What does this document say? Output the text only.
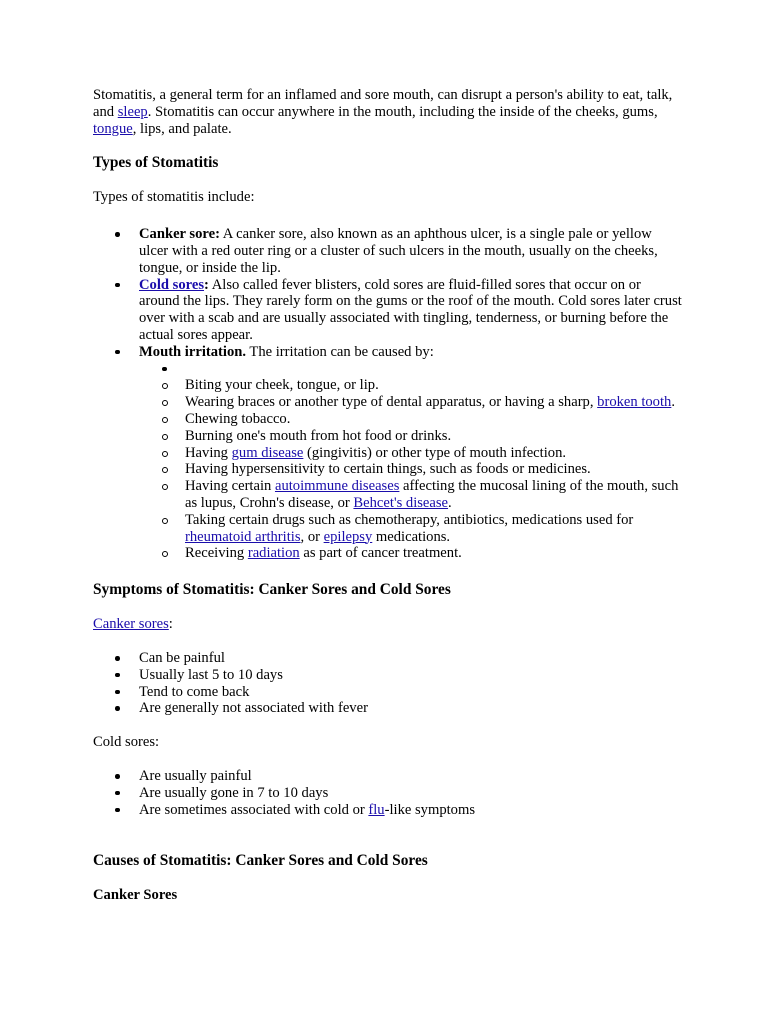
Stomatitis, a general term for an inflamed and sore mouth, can disrupt a person's ability to eat, talk, and sleep. Stomatitis can occur anywhere in the mouth, including the inside of the cheeks, gums, tongue, lips, and palate.

Types of Stomatitis

Types of stomatitis include:

Canker sore: A canker sore, also known as an aphthous ulcer, is a single pale or yellow ulcer with a red outer ring or a cluster of such ulcers in the mouth, usually on the cheeks, tongue, or inside the lip.
Cold sores: Also called fever blisters, cold sores are fluid-filled sores that occur on or around the lips. They rarely form on the gums or the roof of the mouth. Cold sores later crust over with a scab and are usually associated with tingling, tenderness, or burning before the actual sores appear.
Mouth irritation. The irritation can be caused by:

Biting your cheek, tongue, or lip.
Wearing braces or another type of dental apparatus, or having a sharp, broken tooth.
Chewing tobacco.
Burning one's mouth from hot food or drinks.
Having gum disease (gingivitis) or other type of mouth infection.
Having hypersensitivity to certain things, such as foods or medicines.
Having certain autoimmune diseases affecting the mucosal lining of the mouth, such as lupus, Crohn's disease, or Behcet's disease.
Taking certain drugs such as chemotherapy, antibiotics, medications used for rheumatoid arthritis, or epilepsy medications.
Receiving radiation as part of cancer treatment.
Symptoms of Stomatitis: Canker Sores and Cold Sores

Canker sores:

Can be painful
Usually last 5 to 10 days
Tend to come back
Are generally not associated with fever

Cold sores:

Are usually painful
Are usually gone in 7 to 10 days
Are sometimes associated with cold or flu-like symptoms
Causes of Stomatitis: Canker Sores and Cold Sores
Canker Sores
